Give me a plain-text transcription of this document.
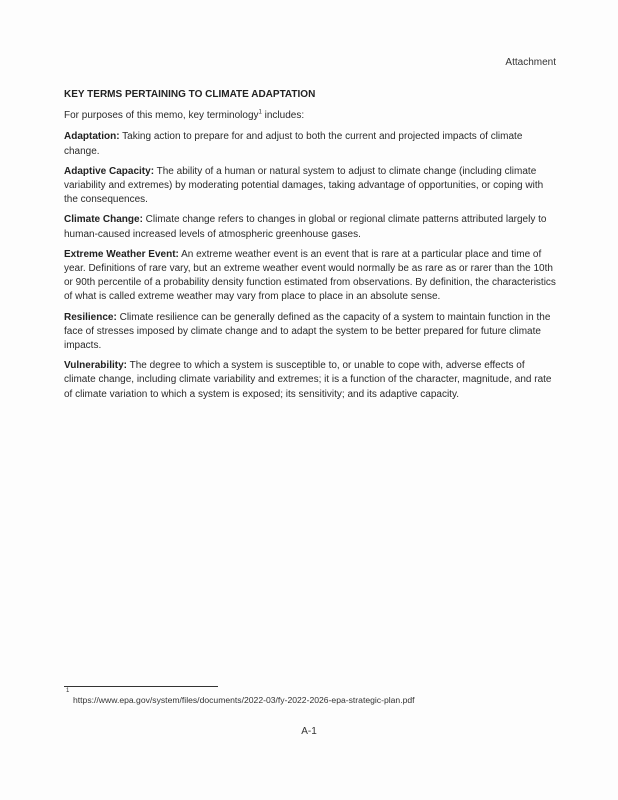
Attachment
KEY TERMS PERTAINING TO CLIMATE ADAPTATION
For purposes of this memo, key terminology$^1$ includes:
Adaptation: Taking action to prepare for and adjust to both the current and projected impacts of climate change.
Adaptive Capacity: The ability of a human or natural system to adjust to climate change (including climate variability and extremes) by moderating potential damages, taking advantage of opportunities, or coping with the consequences.
Climate Change: Climate change refers to changes in global or regional climate patterns attributed largely to human-caused increased levels of atmospheric greenhouse gases.
Extreme Weather Event: An extreme weather event is an event that is rare at a particular place and time of year. Definitions of rare vary, but an extreme weather event would normally be as rare as or rarer than the 10th or 90th percentile of a probability density function estimated from observations. By definition, the characteristics of what is called extreme weather may vary from place to place in an absolute sense.
Resilience: Climate resilience can be generally defined as the capacity of a system to maintain function in the face of stresses imposed by climate change and to adapt the system to be better prepared for future climate impacts.
Vulnerability: The degree to which a system is susceptible to, or unable to cope with, adverse effects of climate change, including climate variability and extremes; it is a function of the character, magnitude, and rate of climate variation to which a system is exposed; its sensitivity; and its adaptive capacity.
1
https://www.epa.gov/system/files/documents/2022-03/fy-2022-2026-epa-strategic-plan.pdf
A-1
